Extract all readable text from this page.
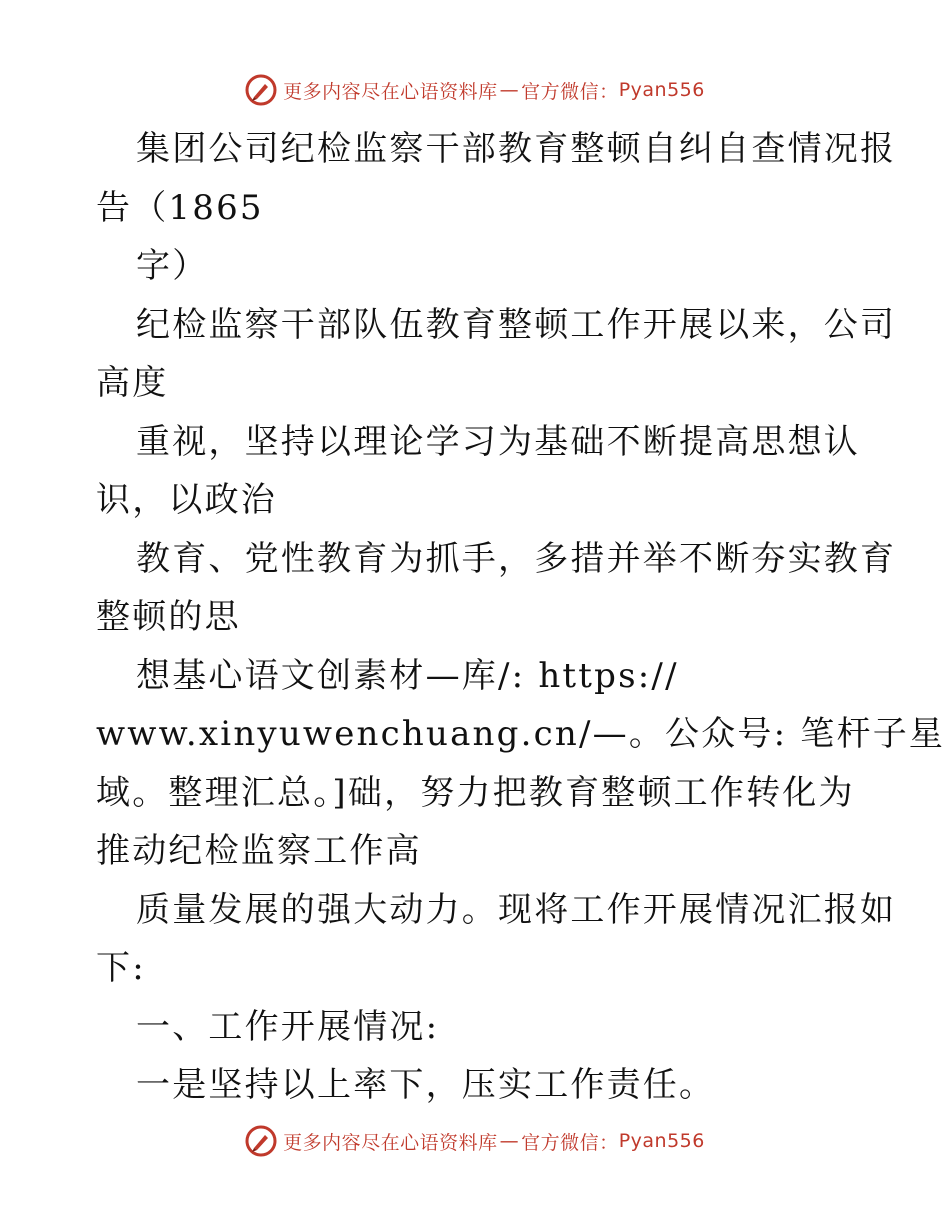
更多内容尽在心语资料库 — 官方微信： Pyan556
集团公司纪检监察干部教育整顿自纠自查情况报
告（1865
字）
纪检监察干部队伍教育整顿工作开展以来，公司
高度
重视，坚持以理论学习为基础不断提高思想认
识，以政治
教育、党性教育为抓手，多措并举不断夯实教育
整顿的思
想基心语文创素材—库/: https://
www.xinyuwenchuang.cn/—。公众号: 笔杆子星
域。整理汇总。]础，努力把教育整顿工作转化为
推动纪检监察工作高
质量发展的强大动力。现将工作开展情况汇报如
下:
一、工作开展情况:
一是坚持以上率下，压实工作责任。
更多内容尽在心语资料库 — 官方微信： Pyan556
